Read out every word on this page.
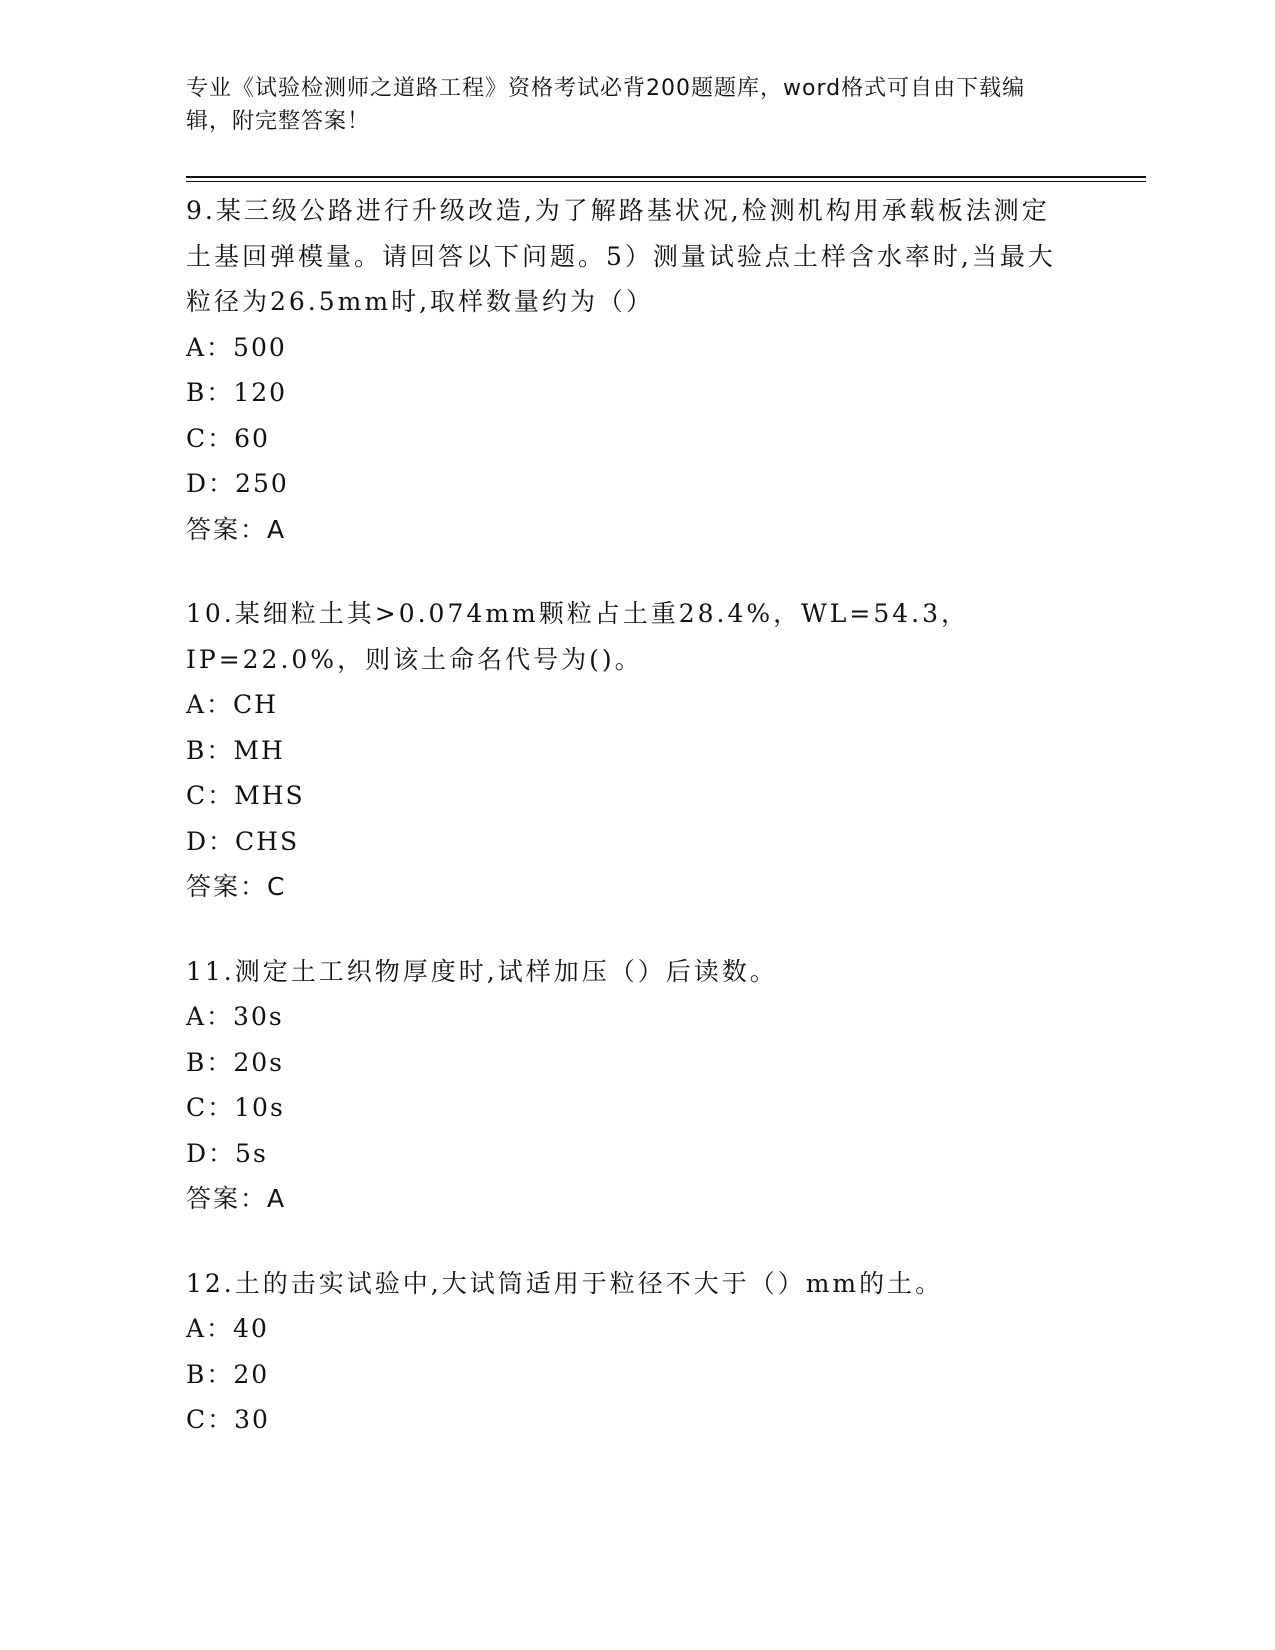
专业《试验检测师之道路工程》资格考试必背200题题库，word格式可自由下载编辑，附完整答案！

9.某三级公路进行升级改造,为了解路基状况,检测机构用承载板法测定土基回弹模量。请回答以下问题。5）测量试验点土样含水率时,当最大粒径为26.5mm时,取样数量约为（）

A：500

B：120

C：60

D：250

答案：A

10.某细粒土其>0.074mm颗粒占土重28.4%，WL=54.3，IP=22.0%，则该土命名代号为()。

A：CH

B：MH

C：MHS

D：CHS

答案：C

11.测定土工织物厚度时,试样加压（）后读数。

A：30s

B：20s

C：10s

D：5s

答案：A

12.土的击实试验中,大试筒适用于粒径不大于（）mm的土。

A：40

B：20

C：30
